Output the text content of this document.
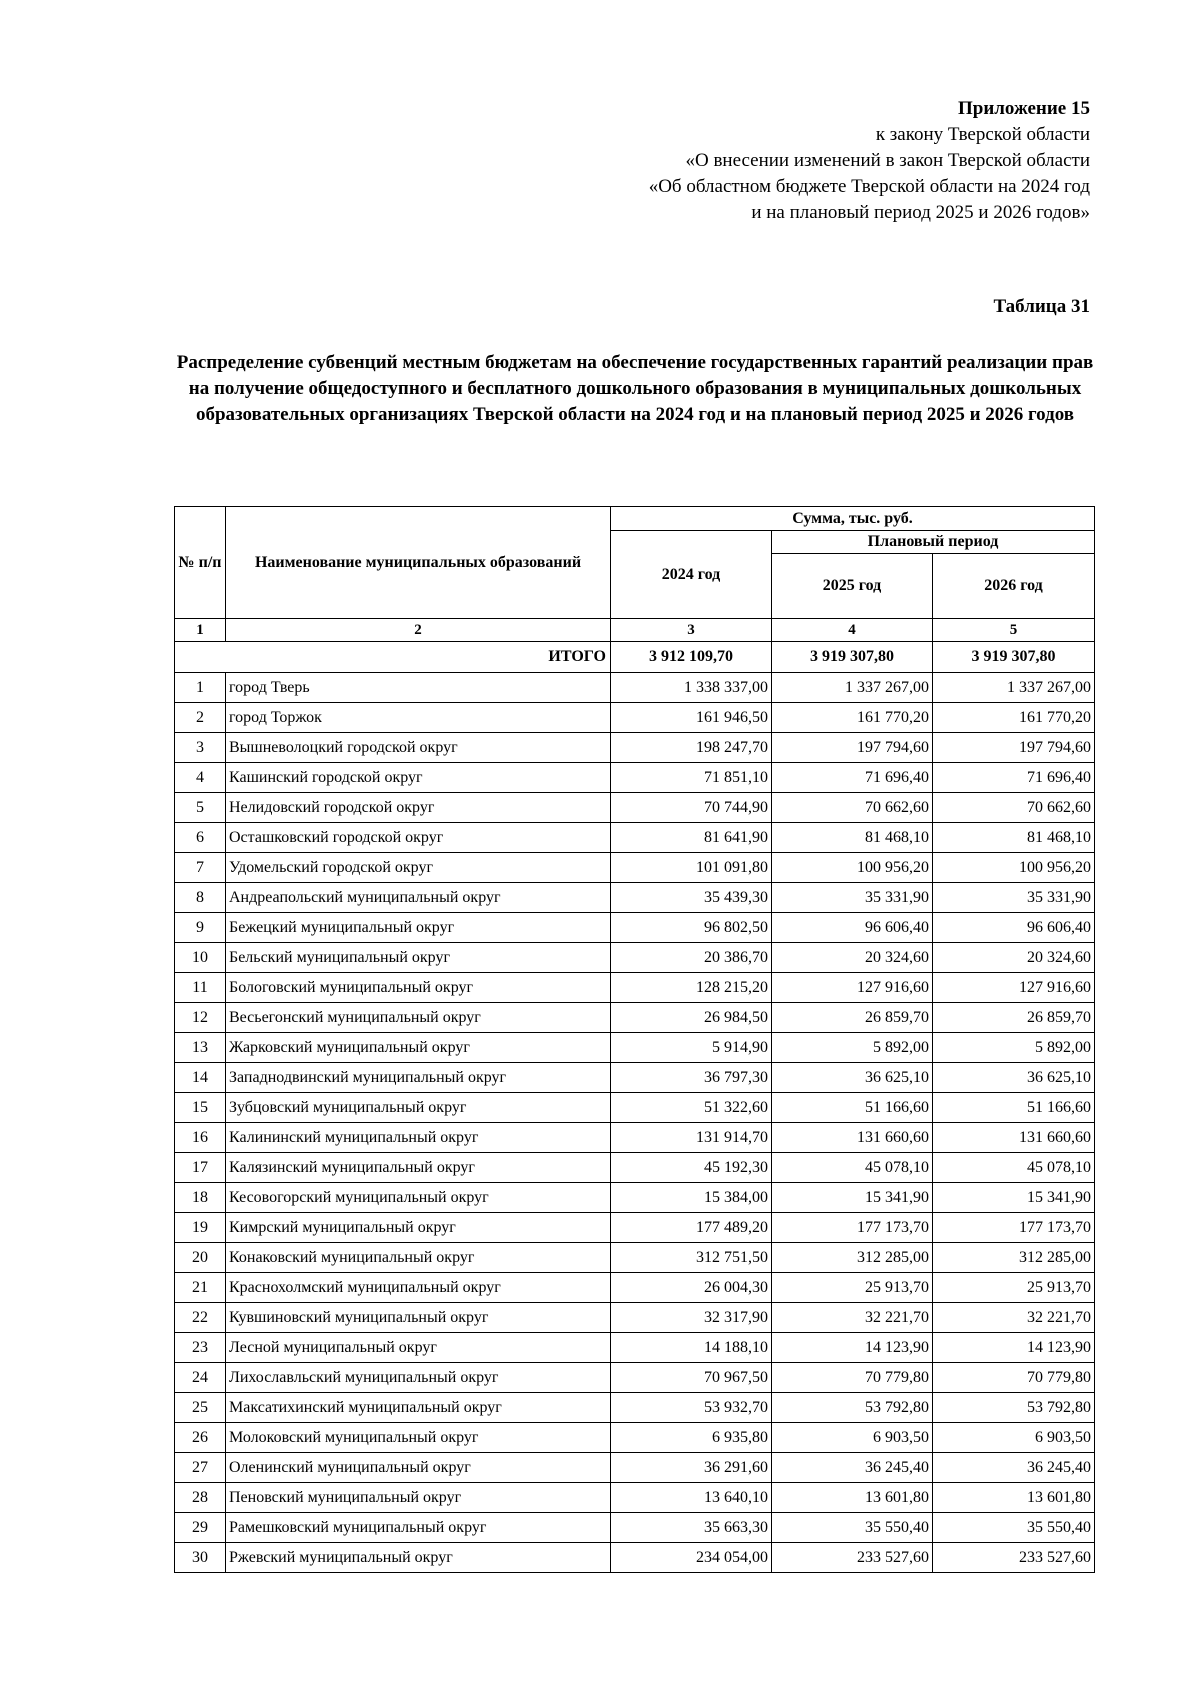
Приложение 15
к закону Тверской области
«О внесении изменений в закон Тверской области
«Об областном бюджете Тверской области на 2024 год
и на плановый период 2025 и 2026 годов»
Таблица 31
Распределение субвенций местным бюджетам на обеспечение государственных гарантий реализации прав на получение общедоступного и бесплатного дошкольного образования в муниципальных дошкольных образовательных организациях Тверской области на 2024 год и на плановый период 2025 и 2026 годов
№ п/п	Наименование муниципальных образований	Сумма, тыс. руб.		
		2024 год	Плановый период	
			2025 год	2026 год
1	2	3	4	5
ИТОГО		3 912 109,70	3 919 307,80	3 919 307,80
1	город Тверь	1 338 337,00	1 337 267,00	1 337 267,00
2	город Торжок	161 946,50	161 770,20	161 770,20
3	Вышневолоцкий городской округ	198 247,70	197 794,60	197 794,60
4	Кашинский городской округ	71 851,10	71 696,40	71 696,40
5	Нелидовский городской округ	70 744,90	70 662,60	70 662,60
6	Осташковский городской округ	81 641,90	81 468,10	81 468,10
7	Удомельский городской округ	101 091,80	100 956,20	100 956,20
8	Андреапольский муниципальный округ	35 439,30	35 331,90	35 331,90
9	Бежецкий муниципальный округ	96 802,50	96 606,40	96 606,40
10	Бельский муниципальный округ	20 386,70	20 324,60	20 324,60
11	Бологовский муниципальный округ	128 215,20	127 916,60	127 916,60
12	Весьегонский муниципальный округ	26 984,50	26 859,70	26 859,70
13	Жарковский муниципальный округ	5 914,90	5 892,00	5 892,00
14	Западнодвинский муниципальный округ	36 797,30	36 625,10	36 625,10
15	Зубцовский муниципальный округ	51 322,60	51 166,60	51 166,60
16	Калининский муниципальный округ	131 914,70	131 660,60	131 660,60
17	Калязинский муниципальный округ	45 192,30	45 078,10	45 078,10
18	Кесовогорский муниципальный округ	15 384,00	15 341,90	15 341,90
19	Кимрский муниципальный округ	177 489,20	177 173,70	177 173,70
20	Конаковский муниципальный округ	312 751,50	312 285,00	312 285,00
21	Краснохолмский муниципальный округ	26 004,30	25 913,70	25 913,70
22	Кувшиновский муниципальный округ	32 317,90	32 221,70	32 221,70
23	Лесной муниципальный округ	14 188,10	14 123,90	14 123,90
24	Лихославльский муниципальный округ	70 967,50	70 779,80	70 779,80
25	Максатихинский муниципальный округ	53 932,70	53 792,80	53 792,80
26	Молоковский муниципальный округ	6 935,80	6 903,50	6 903,50
27	Оленинский муниципальный округ	36 291,60	36 245,40	36 245,40
28	Пеновский муниципальный округ	13 640,10	13 601,80	13 601,80
29	Рамешковский муниципальный округ	35 663,30	35 550,40	35 550,40
30	Ржевский муниципальный округ	234 054,00	233 527,60	233 527,60
